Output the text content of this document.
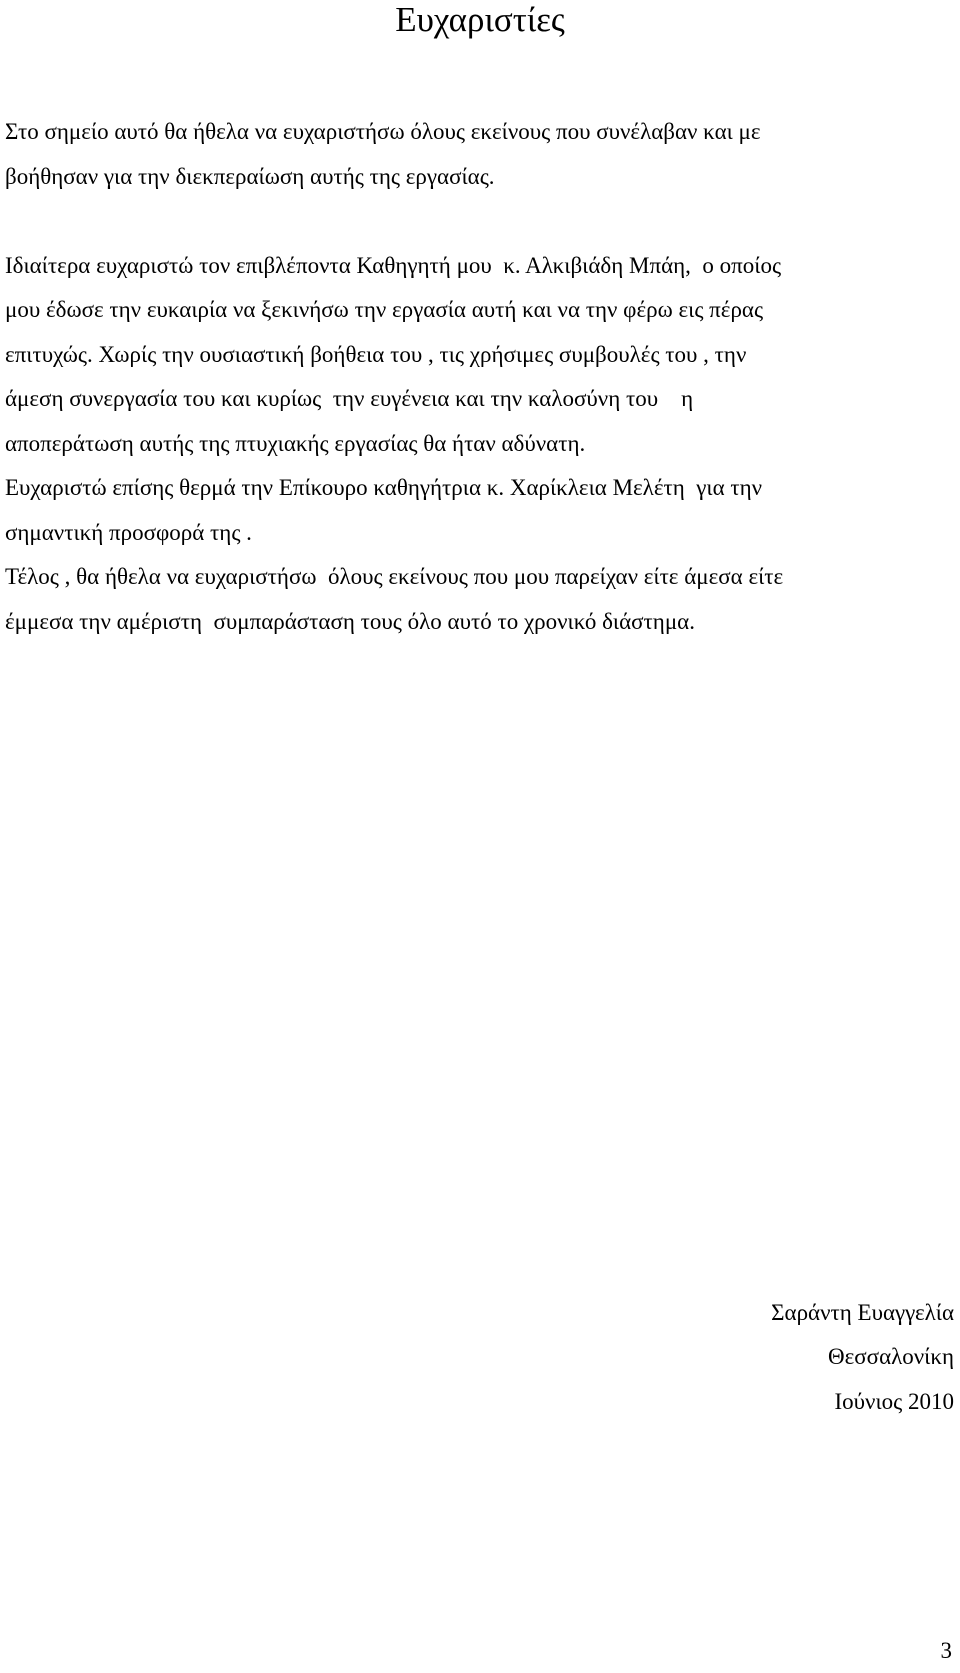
Ευχαριστίες
Στο σημείο αυτό θα ήθελα να ευχαριστήσω όλους εκείνους που συνέλαβαν και με
βοήθησαν για την διεκπεραίωση αυτής της εργασίας.
Ιδιαίτερα ευχαριστώ τον επιβλέποντα Καθηγητή μου  κ. Αλκιβιάδη Μπάη,  ο οποίος
μου έδωσε την ευκαιρία να ξεκινήσω την εργασία αυτή και να την φέρω εις πέρας
επιτυχώς. Χωρίς την ουσιαστική βοήθεια του , τις χρήσιμες συμβουλές του , την
άμεση συνεργασία του και κυρίως  την ευγένεια και την καλοσύνη του    η
αποπεράτωση αυτής της πτυχιακής εργασίας θα ήταν αδύνατη.
Ευχαριστώ επίσης θερμά την Επίκουρο καθηγήτρια κ. Χαρίκλεια Μελέτη  για την
σημαντική προσφορά της .
Τέλος , θα ήθελα να ευχαριστήσω  όλους εκείνους που μου παρείχαν είτε άμεσα είτε
έμμεσα την αμέριστη  συμπαράσταση τους όλο αυτό το χρονικό διάστημα.
Σαράντη Ευαγγελία
Θεσσαλονίκη
Ιούνιος 2010
3
